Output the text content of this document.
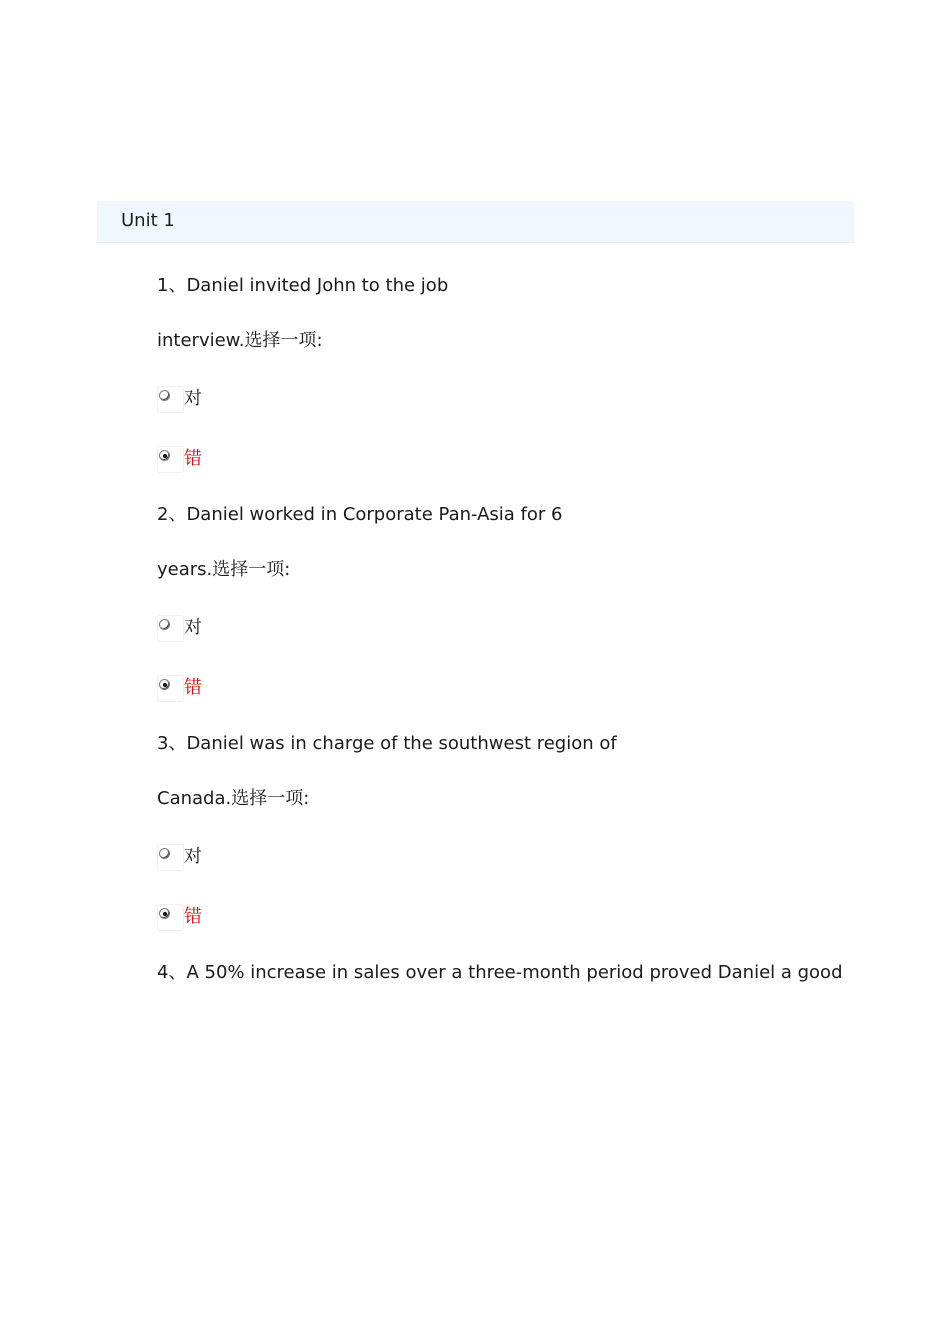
Unit 1
1、Daniel invited John to the job
interview.选择一项:
对
错
2、Daniel worked in Corporate Pan-Asia for 6
years.选择一项:
对
错
3、Daniel was in charge of the southwest region of
Canada.选择一项:
对
错
4、A 50% increase in sales over a three-month period proved Daniel a good
